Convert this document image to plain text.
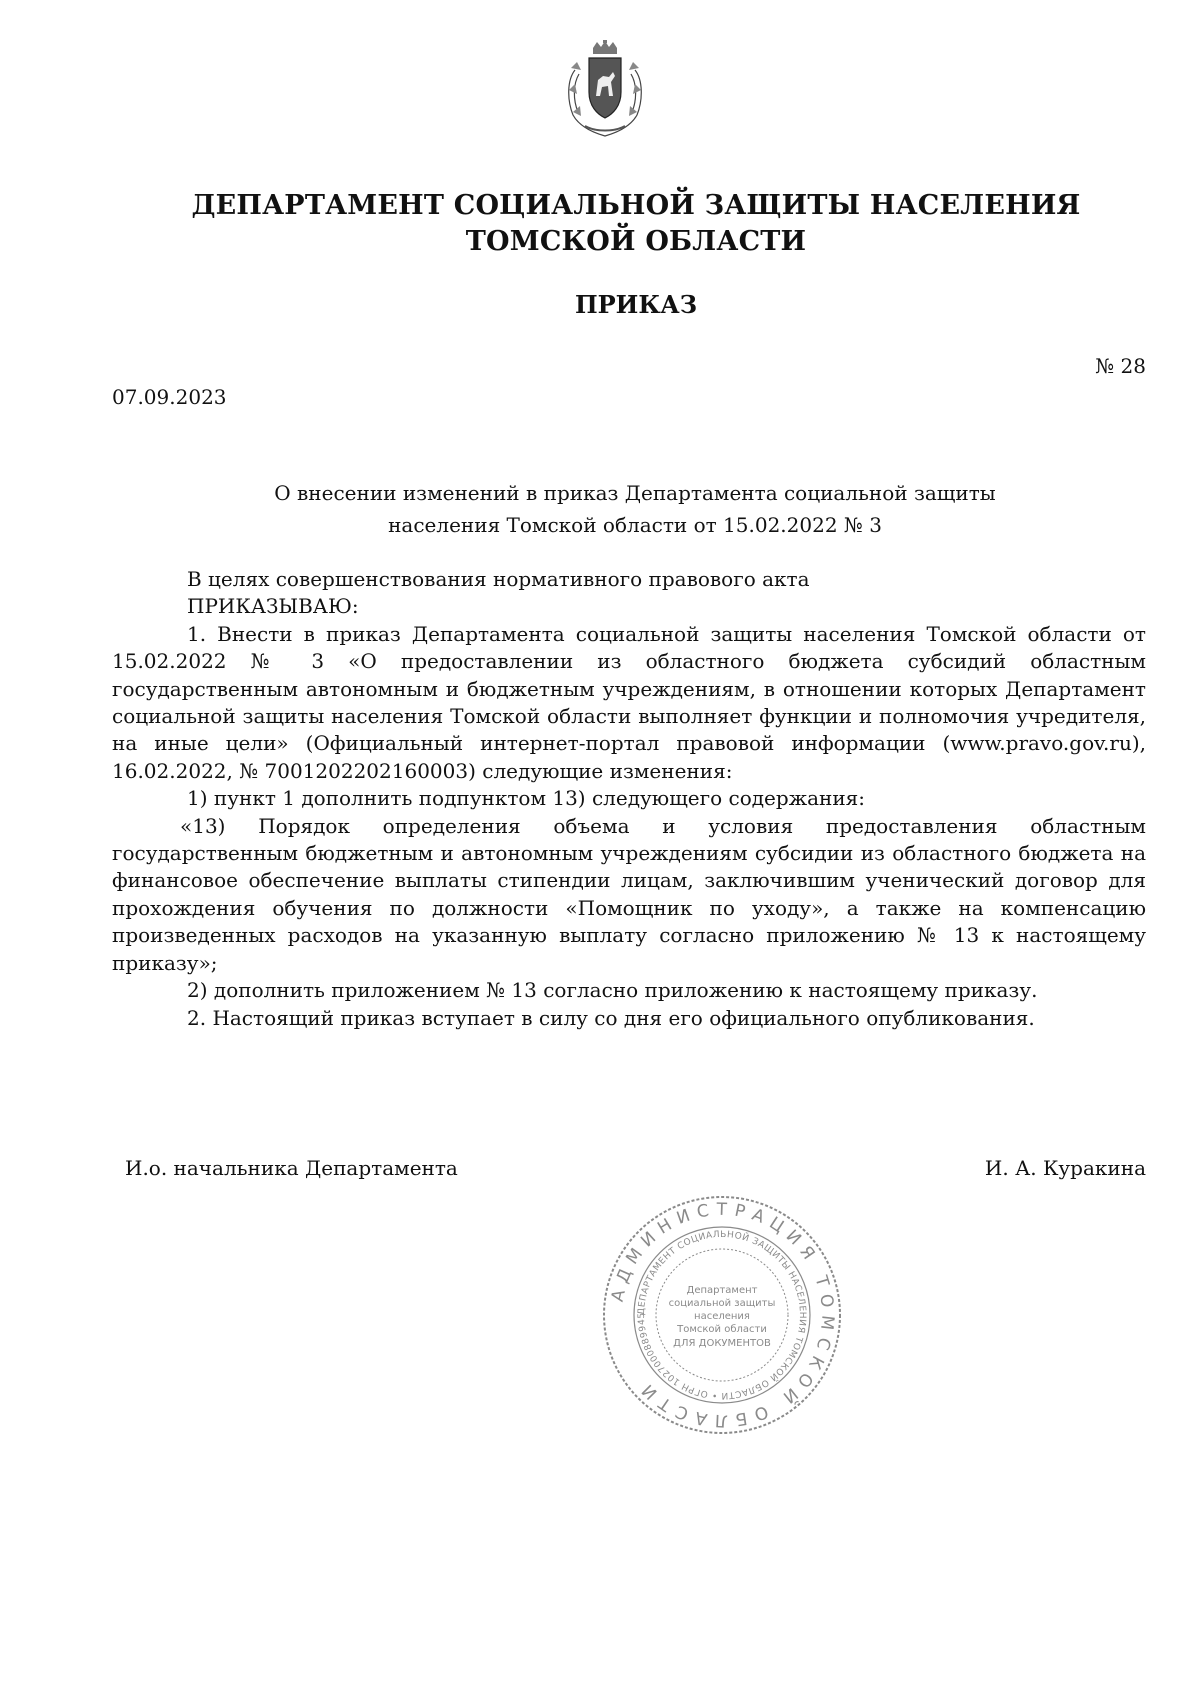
ДЕПАРТАМЕНТ СОЦИАЛЬНОЙ ЗАЩИТЫ НАСЕЛЕНИЯ
ТОМСКОЙ ОБЛАСТИ
ПРИКАЗ
№ 28
07.09.2023
О внесении изменений в приказ Департамента социальной защиты
населения Томской области от 15.02.2022 № 3

В целях совершенствования нормативного правового акта

ПРИКАЗЫВАЮ:

1. Внести в приказ Департамента социальной защиты населения Томской области от 15.02.2022 № 3 «О предоставлении из областного бюджета субсидий областным государственным автономным и бюджетным учреждениям, в отношении которых Департамент социальной защиты населения Томской области выполняет функции и полномочия учредителя, на иные цели» (Официальный интернет-портал правовой информации (www.pravo.gov.ru), 16.02.2022, № 7001202202160003) следующие изменения:

1) пункт 1 дополнить подпунктом 13) следующего содержания:

«13) Порядок определения объема и условия предоставления областным государственным бюджетным и автономным учреждениям субсидии из областного бюджета на финансовое обеспечение выплаты стипендии лицам, заключившим ученический договор для прохождения обучения по должности «Помощник по уходу», а также на компенсацию произведенных расходов на указанную выплату согласно приложению № 13 к настоящему приказу»;

2) дополнить приложением № 13 согласно приложению к настоящему приказу.

2. Настоящий приказ вступает в силу со дня его официального опубликования.

И.о. начальника Департамента	И. А. Куракина
АДМИНИСТРАЦИЯ ТОМСКОЙ ОБЛАСТИ
ДЕПАРТАМЕНТ СОЦИАЛЬНОЙ ЗАЩИТЫ НАСЕЛЕНИЯ ТОМСКОЙ ОБЛАСТИ • ОГРН 1027000889945
Департамент
социальной защиты
населения
Томской области
ДЛЯ ДОКУМЕНТОВ
